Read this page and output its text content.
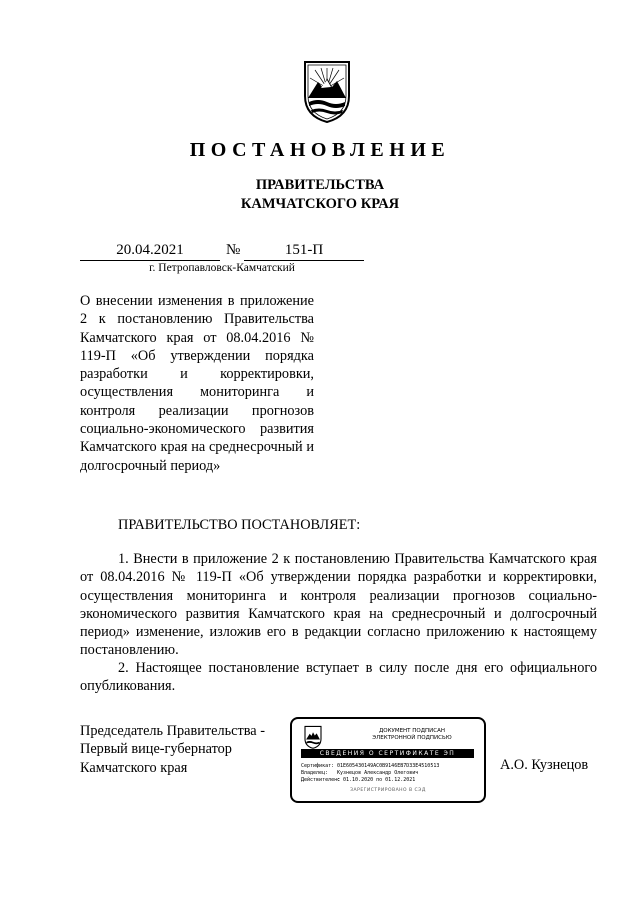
ПОСТАНОВЛЕНИЕ
ПРАВИТЕЛЬСТВА
КАМЧАТСКОГО КРАЯ
20.04.2021	№	151-П
г. Петропавловск-Камчатский
О внесении изменения в приложение 2 к постановлению Правительства Камчатского края от 08.04.2016 № 119-П «Об утверждении порядка разработки и корректировки, осуществления мониторинга и контроля реализации прогнозов социально-экономического развития Камчатского края на среднесрочный и долгосрочный период»
ПРАВИТЕЛЬСТВО ПОСТАНОВЛЯЕТ:
1. Внести в приложение 2 к постановлению Правительства Камчатского края от 08.04.2016 № 119-П «Об утверждении порядка разработки и корректировки, осуществления мониторинга и контроля реализации прогнозов социально-экономического развития Камчатского края на среднесрочный и долгосрочный период» изменение, изложив его в редакции согласно приложению к настоящему постановлению.
2. Настоящее постановление вступает в силу после дня его официального опубликования.
Председатель Правительства -
Первый вице-губернатор
Камчатского края	А.О. Кузнецов
ДОКУМЕНТ ПОДПИСАН
ЭЛЕКТРОННОЙ ПОДПИСЬЮ
СВЕДЕНИЯ О СЕРТИФИКАТЕ ЭП
Сертификат: 01E605430149AC0B9146EB7D33E4510513
Владелец: Кузнецов Александр Олегович
Действителен:с 01.10.2020 по 01.12.2021
ЗАРЕГИСТРИРОВАНО В СЭД
